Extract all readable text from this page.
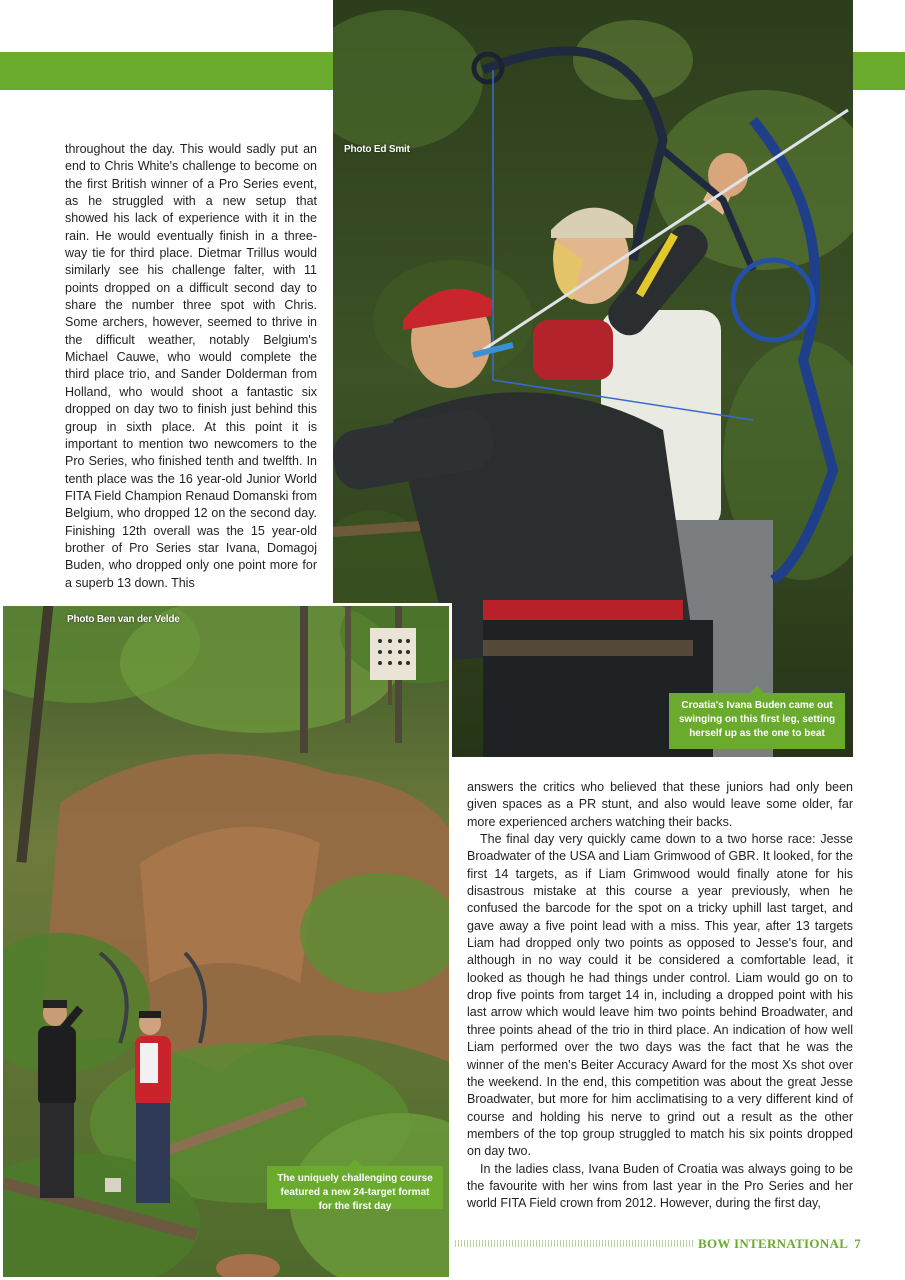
Photo Ed Smit
Croatia's Ivana Buden came out swinging on this first leg, setting herself up as the one to beat
Photo Ben van der Velde
The uniquely challenging course featured a new 24-target format for the first day

throughout the day. This would sadly put an end to Chris White's challenge to become on the first British winner of a Pro Series event, as he struggled with a new setup that showed his lack of experience with it in the rain. He would eventually finish in a three-way tie for third place. Dietmar Trillus would similarly see his challenge falter, with 11 points dropped on a difficult second day to share the number three spot with Chris. Some archers, however, seemed to thrive in the difficult weather, notably Belgium's Michael Cauwe, who would complete the third place trio, and Sander Dolderman from Holland, who would shoot a fantastic six dropped on day two to finish just behind this group in sixth place. At this point it is important to mention two newcomers to the Pro Series, who finished tenth and twelfth. In tenth place was the 16 year-old Junior World FITA Field Champion Renaud Domanski from Belgium, who dropped 12 on the second day. Finishing 12th overall was the 15 year-old brother of Pro Series star Ivana, Domagoj Buden, who dropped only one point more for a superb 13 down. This

answers the critics who believed that these juniors had only been given spaces as a PR stunt, and also would leave some older, far more experienced archers watching their backs.

The final day very quickly came down to a two horse race: Jesse Broadwater of the USA and Liam Grimwood of GBR. It looked, for the first 14 targets, as if Liam Grimwood would finally atone for his disastrous mistake at this course a year previously, when he confused the barcode for the spot on a tricky uphill last target, and gave away a five point lead with a miss. This year, after 13 targets Liam had dropped only two points as opposed to Jesse's four, and although in no way could it be considered a comfortable lead, it looked as though he had things under control. Liam would go on to drop five points from target 14 in, including a dropped point with his last arrow which would leave him two points behind Broadwater, and three points ahead of the trio in third place. An indication of how well Liam performed over the two days was the fact that he was the winner of the men's Beiter Accuracy Award for the most Xs shot over the weekend. In the end, this competition was about the great Jesse Broadwater, but more for him acclimatising to a very different kind of course and holding his nerve to grind out a result as the other members of the top group struggled to match his six points dropped on day two.

In the ladies class, Ivana Buden of Croatia was always going to be the favourite with her wins from last year in the Pro Series and her world FITA Field crown from 2012. However, during the first day,

BOW INTERNATIONAL 7
